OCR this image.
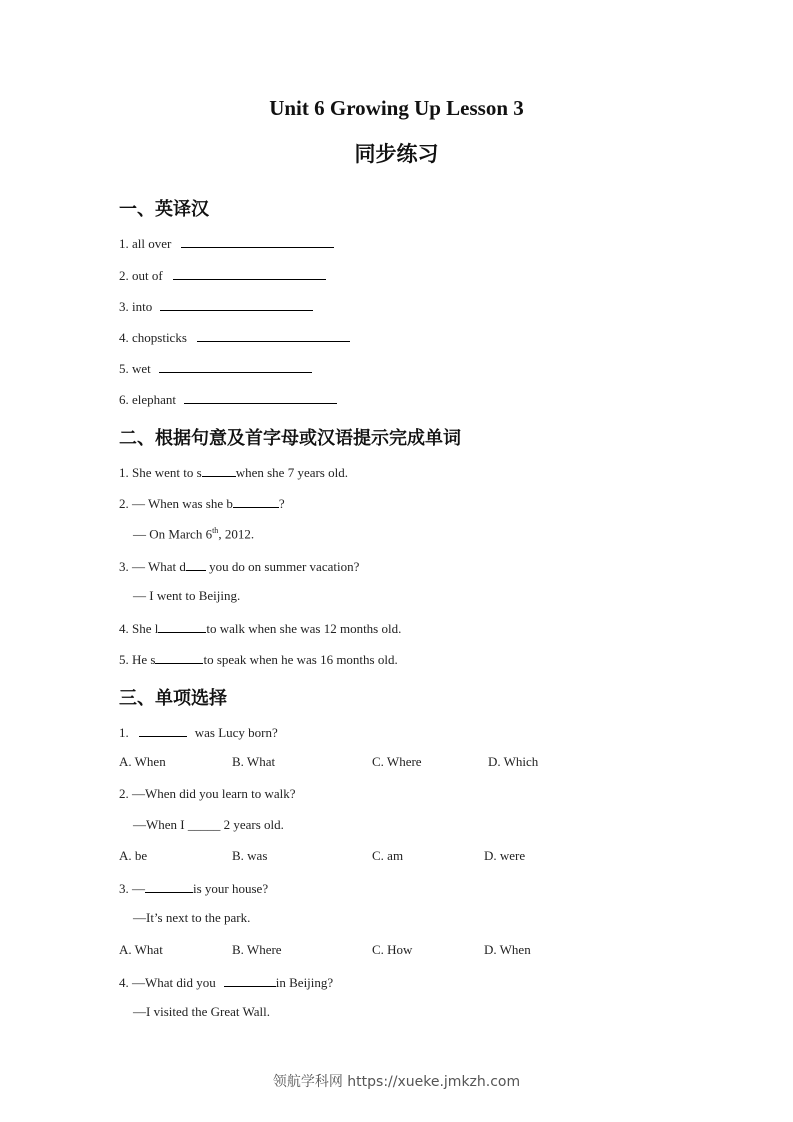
Unit 6 Growing Up Lesson 3
同步练习
一、英译汉
1. all over
2. out of
3. into
4. chopsticks
5. wet
6. elephant
二、根据句意及首字母或汉语提示完成单词
1. She went to s	when she 7 years old.
2. — When was she b	?
— On March 6th, 2012.
3. — What d you do on summer vacation?
— I went to Beijing.
4. She l	to walk when she was 12 months old.
5. He s	to speak when he was 16 months old.
三、单项选择
1.	was Lucy born?
A. When	B. What	C. Where	D. Which
2. —When did you learn to walk?
—When I _____ 2 years old.
A. be	B. was	C. am	D. were
3. —	is your house?
—It’s next to the park.
A. What	B. Where	C. How	D. When
4. —What did you	in Beijing?
—I visited the Great Wall.
领航学科网 https://xueke.jmkzh.com
